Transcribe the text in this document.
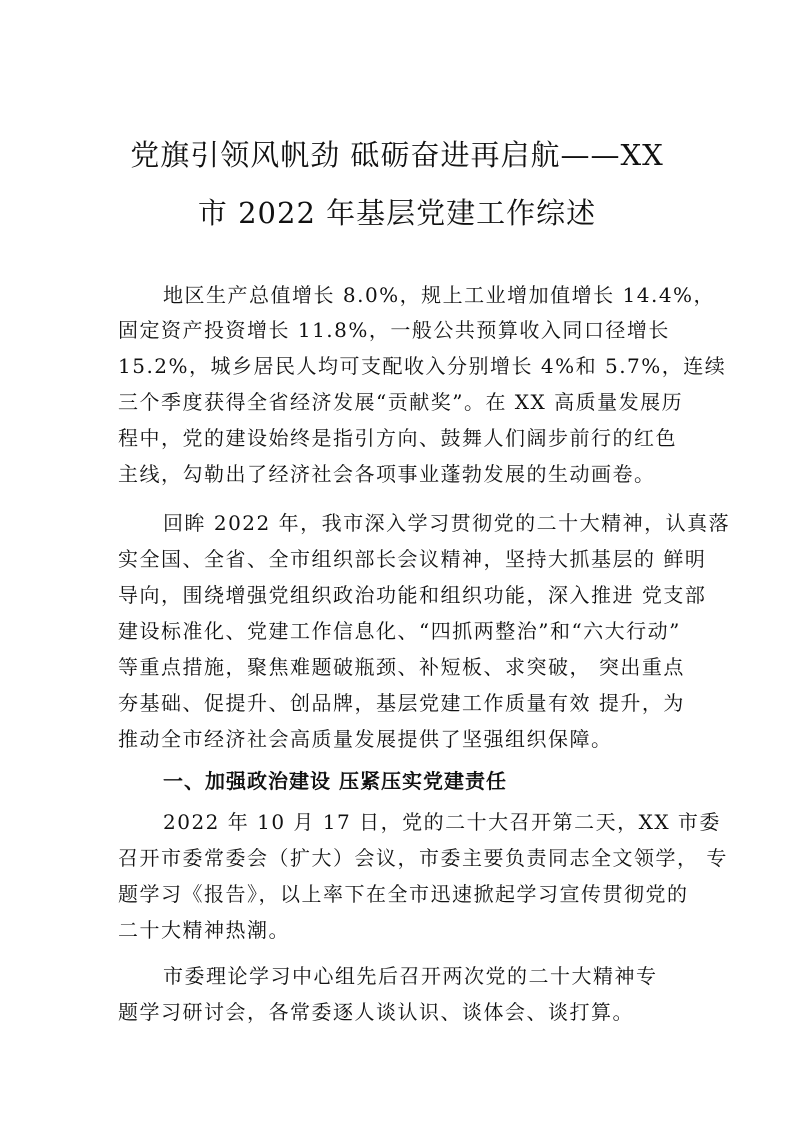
党旗引领风帆劲 砥砺奋进再启航——XX
市 2022 年基层党建工作综述
地区生产总值增长 8.0%，规上工业增加值增长 14.4%，
固定资产投资增长 11.8%，一般公共预算收入同口径增长
15.2%，城乡居民人均可支配收入分别增长 4%和 5.7%，连续
三个季度获得全省经济发展“贡献奖”。在 XX 高质量发展历
程中，党的建设始终是指引方向、鼓舞人们阔步前行的红色
主线，勾勒出了经济社会各项事业蓬勃发展的生动画卷。
回眸 2022 年，我市深入学习贯彻党的二十大精神，认真落
实全国、全省、全市组织部长会议精神，坚持大抓基层的 鲜明
导向，围绕增强党组织政治功能和组织功能，深入推进 党支部
建设标准化、党建工作信息化、“四抓两整治”和“六大行动”
等重点措施，聚焦难题破瓶颈、补短板、求突破， 突出重点
夯基础、促提升、创品牌，基层党建工作质量有效 提升，为
推动全市经济社会高质量发展提供了坚强组织保障。
一、加强政治建设 压紧压实党建责任
2022 年 10 月 17 日，党的二十大召开第二天，XX 市委
召开市委常委会（扩大）会议，市委主要负责同志全文领学， 专
题学习《报告》，以上率下在全市迅速掀起学习宣传贯彻党的
二十大精神热潮。
市委理论学习中心组先后召开两次党的二十大精神专
题学习研讨会，各常委逐人谈认识、谈体会、谈打算。
